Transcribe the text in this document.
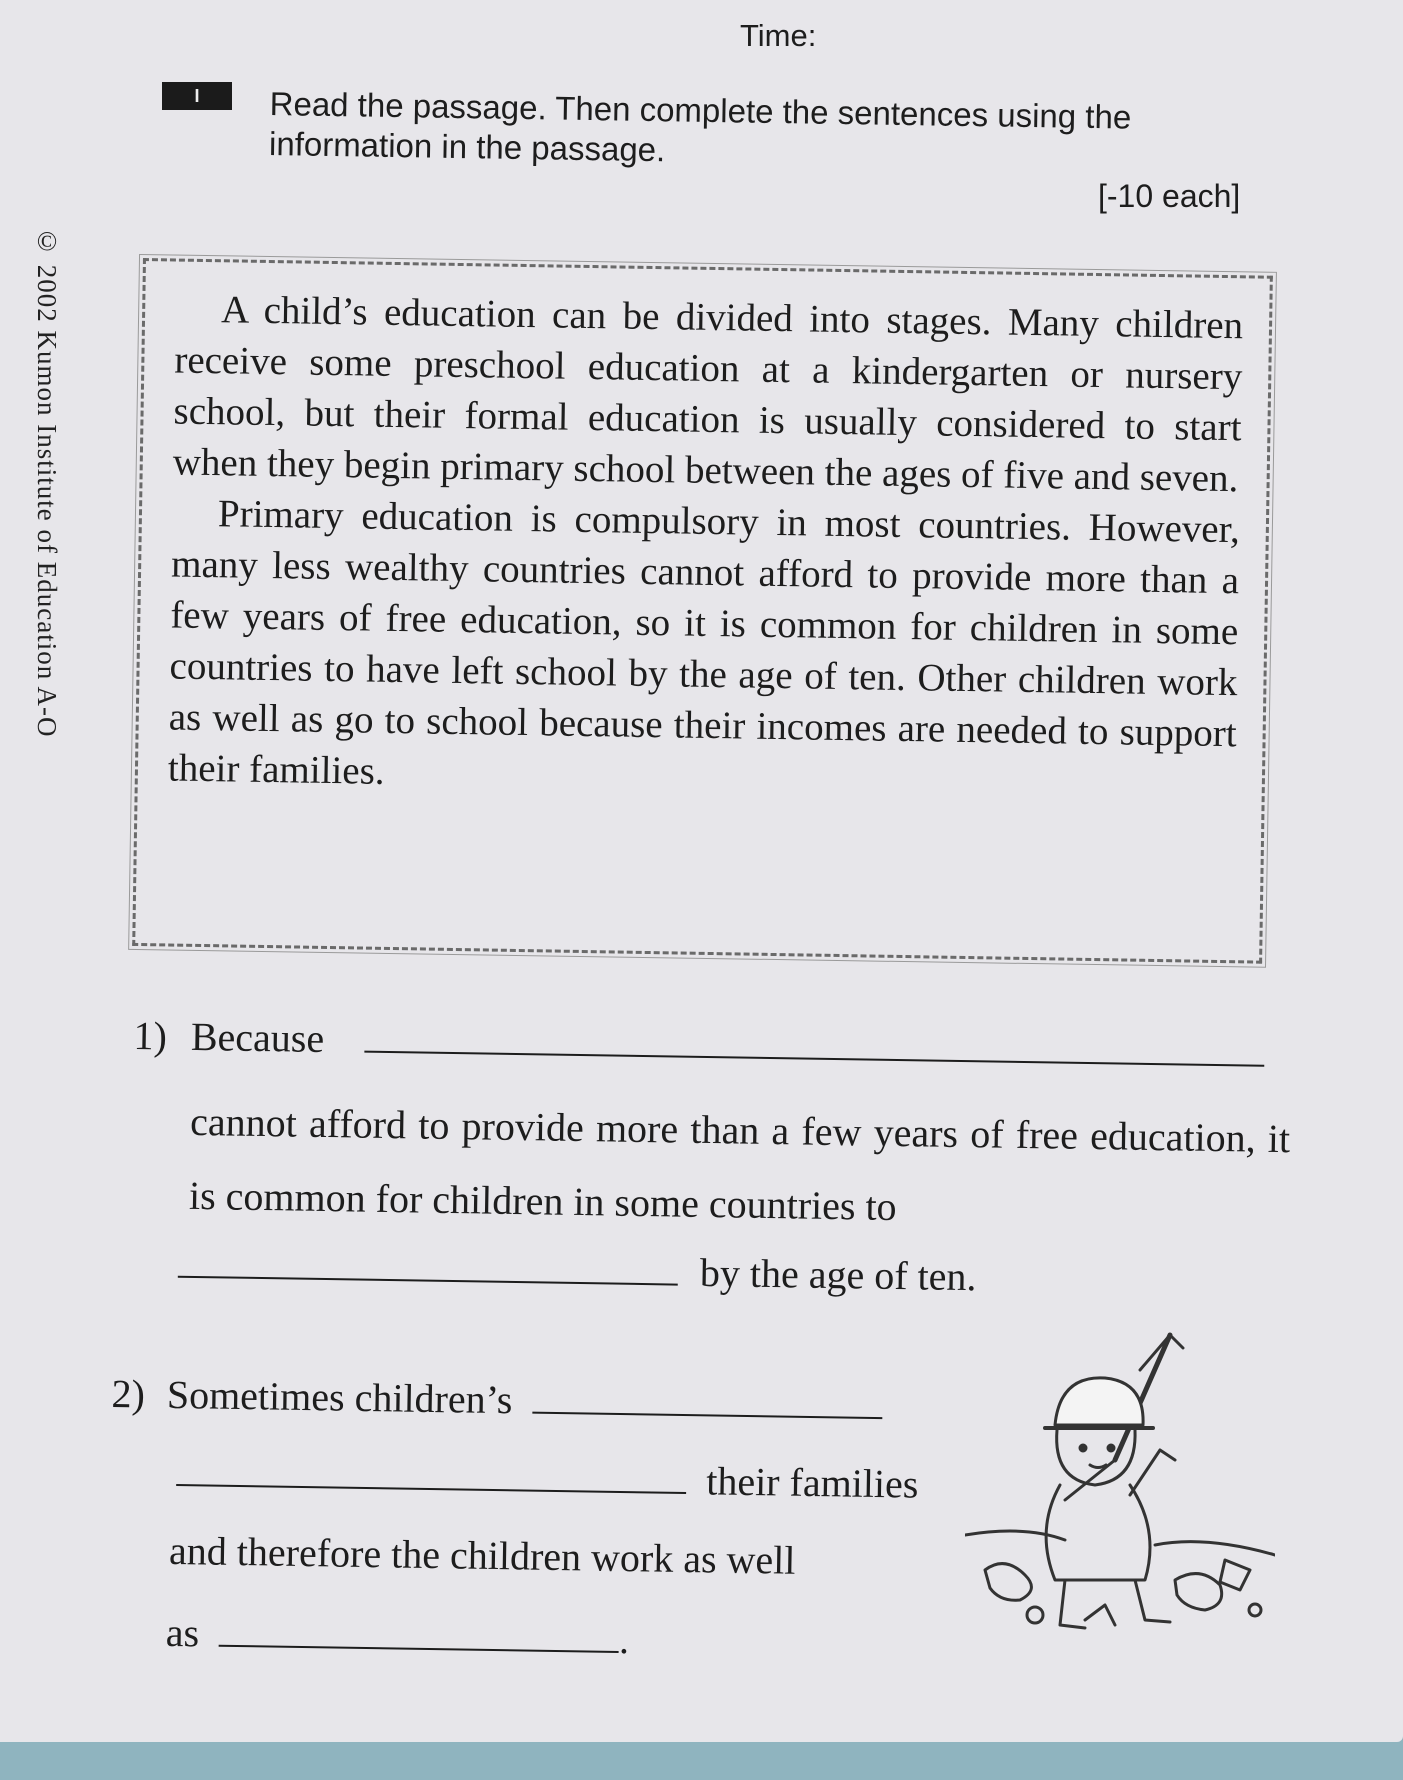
© 2002 Kumon Institute of Education A-O
Time:
I	Read the passage. Then complete the sentences using the information in the passage.
[-10 each]

A child’s education can be divided into stages. Many children receive some preschool education at a kindergarten or nursery school, but their formal education is usually considered to start when they begin primary school between the ages of five and seven.

Primary education is compulsory in most countries. However, many less wealthy countries cannot afford to provide more than a few years of free education, so it is common for children in some countries to have left school by the age of ten. Other children work as well as go to school because their incomes are needed to support their families.

1) Because
cannot afford to provide more than a few years of free education, it is common for children in some countries to
by the age of ten.
2) Sometimes children’s
their families
and therefore the children work as well
as	.
